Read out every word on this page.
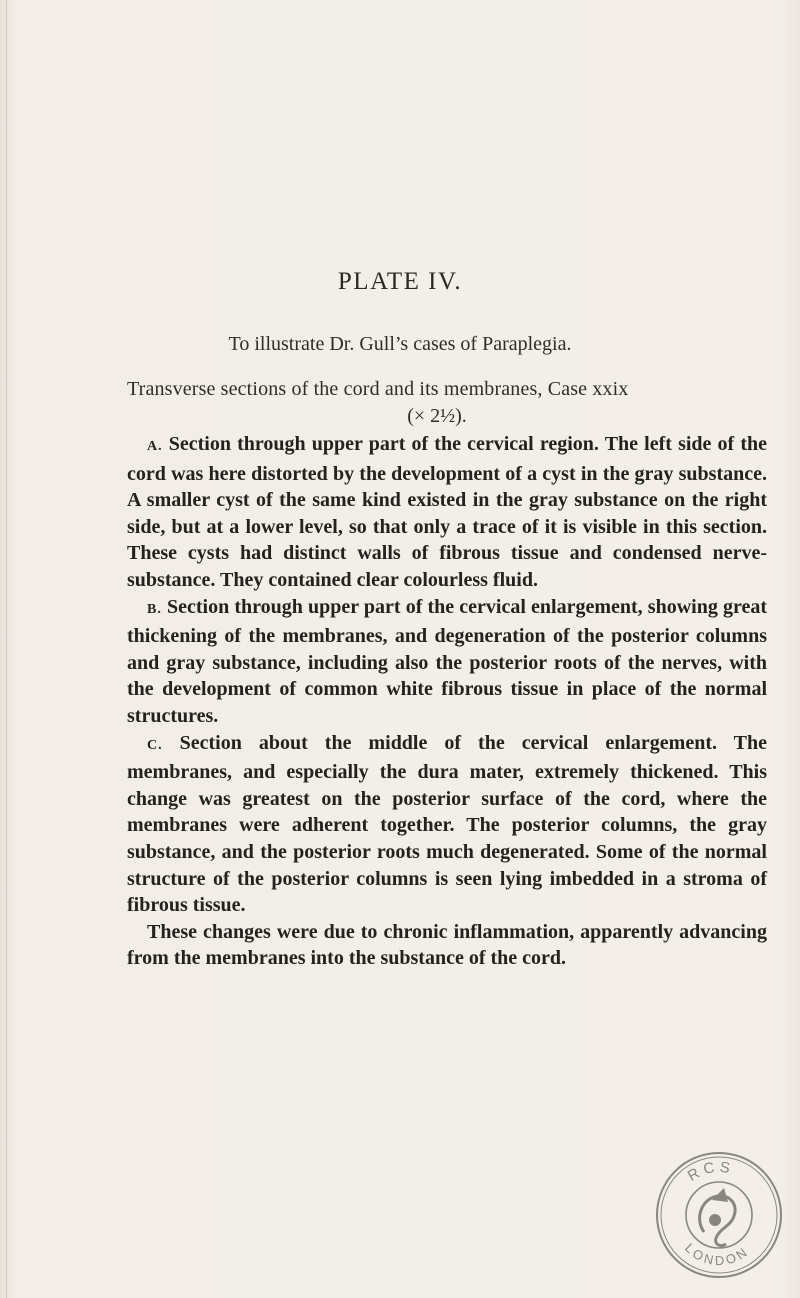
PLATE IV.
To illustrate Dr. Gull’s cases of Paraplegia.
Transverse sections of the cord and its membranes, Case xxix
(× 2½).

A. Section through upper part of the cervical region. The left side of the cord was here distorted by the development of a cyst in the gray substance. A smaller cyst of the same kind existed in the gray substance on the right side, but at a lower level, so that only a trace of it is visible in this section. These cysts had distinct walls of fibrous tissue and condensed nerve-substance. They contained clear colourless fluid.

B. Section through upper part of the cervical enlargement, showing great thickening of the membranes, and degeneration of the posterior columns and gray substance, including also the posterior roots of the nerves, with the development of common white fibrous tissue in place of the normal structures.

C. Section about the middle of the cervical enlargement. The membranes, and especially the dura mater, extremely thickened. This change was greatest on the posterior surface of the cord, where the membranes were adherent together. The posterior columns, the gray substance, and the posterior roots much degenerated. Some of the normal structure of the posterior columns is seen lying imbedded in a stroma of fibrous tissue.

These changes were due to chronic inflammation, apparently advancing from the membranes into the substance of the cord.

RCS
LONDON
